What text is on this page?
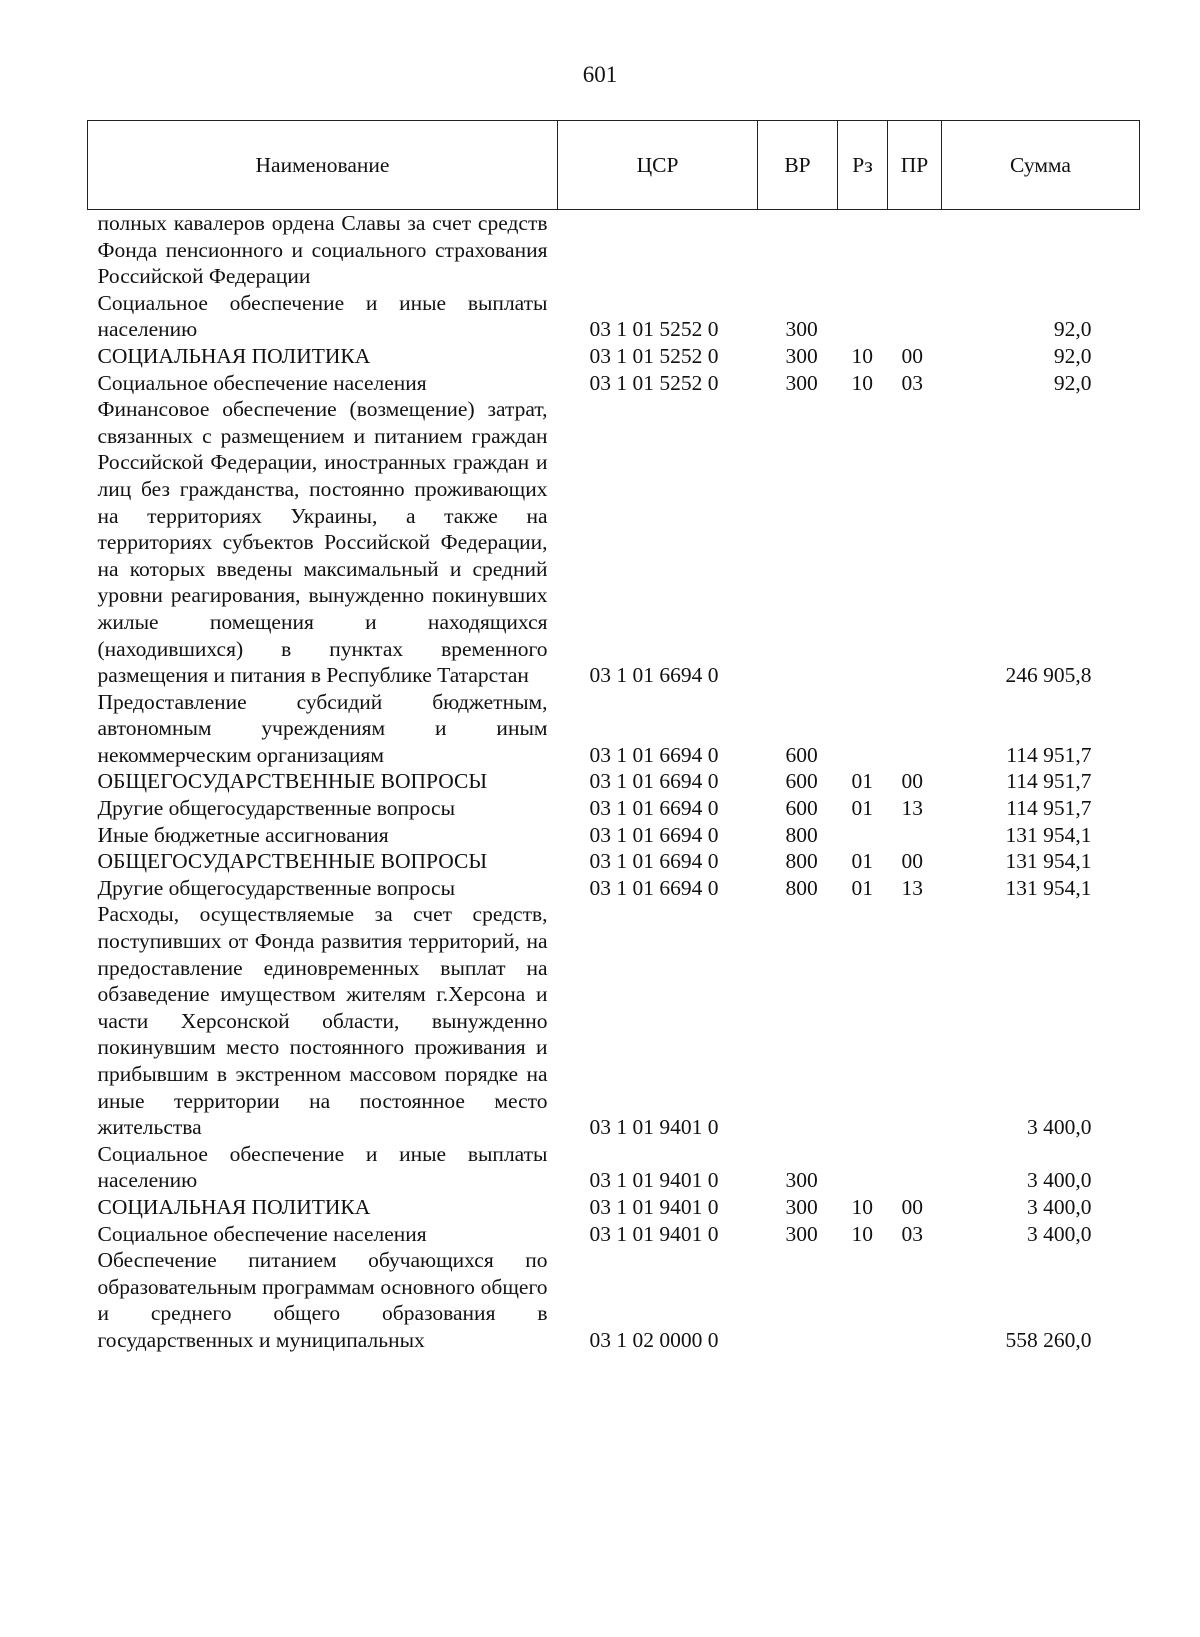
601
Наименование	ЦСР	ВР	Рз	ПР	Сумма
полных кавалеров ордена Славы за счет средств Фонда пенсионного и социального страхования Российской Федерации					
Социальное обеспечение и иные выплаты населению	03 1 01 5252 0	300			92,0
СОЦИАЛЬНАЯ ПОЛИТИКА	03 1 01 5252 0	300	10	00	92,0
Социальное обеспечение населения	03 1 01 5252 0	300	10	03	92,0
Финансовое обеспечение (возмещение) затрат, связанных с размещением и питанием граждан Российской Федерации, иностранных граждан и лиц без гражданства, постоянно проживающих на территориях Украины, а также на территориях субъектов Российской Федерации, на которых введены максимальный и средний уровни реагирования, вынужденно покинувших жилые помещения и находящихся (находившихся) в пунктах временного размещения и питания в Республике Татарстан	03 1 01 6694 0				246 905,8
Предоставление субсидий бюджетным, автономным учреждениям и иным некоммерческим организациям	03 1 01 6694 0	600			114 951,7
ОБЩЕГОСУДАРСТВЕННЫЕ ВОПРОСЫ	03 1 01 6694 0	600	01	00	114 951,7
Другие общегосударственные вопросы	03 1 01 6694 0	600	01	13	114 951,7
Иные бюджетные ассигнования	03 1 01 6694 0	800			131 954,1
ОБЩЕГОСУДАРСТВЕННЫЕ ВОПРОСЫ	03 1 01 6694 0	800	01	00	131 954,1
Другие общегосударственные вопросы	03 1 01 6694 0	800	01	13	131 954,1
Расходы, осуществляемые за счет средств, поступивших от Фонда развития территорий, на предоставление единовременных выплат на обзаведение имуществом жителям г.Херсона и части Херсонской области, вынужденно покинувшим место постоянного проживания и прибывшим в экстренном массовом порядке на иные территории на постоянное место жительства	03 1 01 9401 0				3 400,0
Социальное обеспечение и иные выплаты населению	03 1 01 9401 0	300			3 400,0
СОЦИАЛЬНАЯ ПОЛИТИКА	03 1 01 9401 0	300	10	00	3 400,0
Социальное обеспечение населения	03 1 01 9401 0	300	10	03	3 400,0
Обеспечение питанием обучающихся по образовательным программам основного общего и среднего общего образования в государственных и муниципальных	03 1 02 0000 0				558 260,0
